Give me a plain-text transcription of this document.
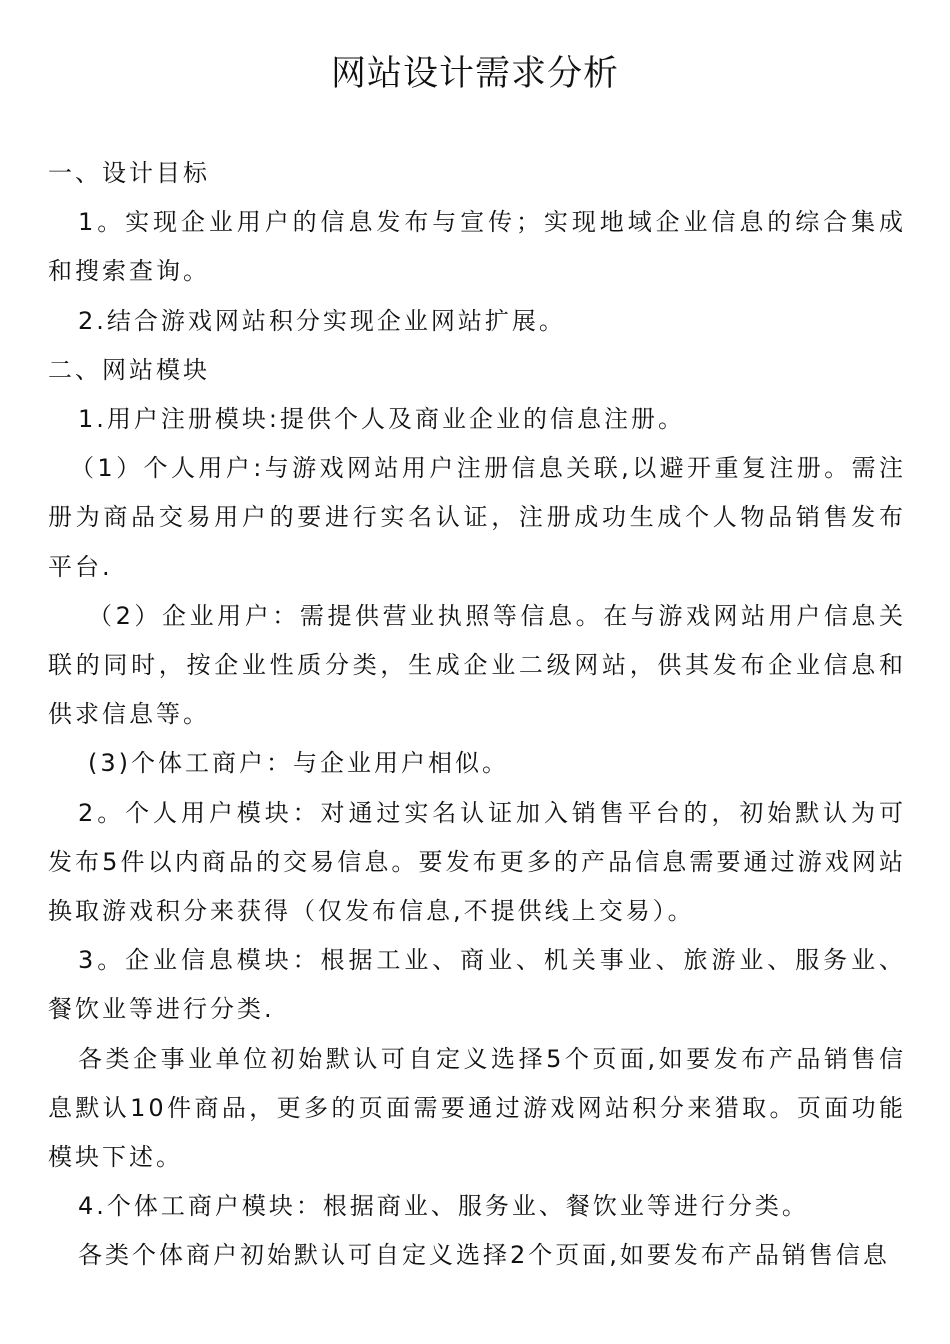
网站设计需求分析

一、设计目标

1。实现企业用户的信息发布与宣传；实现地域企业信息的综合集成和搜索查询。

2.结合游戏网站积分实现企业网站扩展。

二、网站模块

1.用户注册模块:提供个人及商业企业的信息注册。

（1）个人用户:与游戏网站用户注册信息关联,以避开重复注册。需注册为商品交易用户的要进行实名认证，注册成功生成个人物品销售发布平台.

（2）企业用户：需提供营业执照等信息。在与游戏网站用户信息关联的同时，按企业性质分类，生成企业二级网站，供其发布企业信息和供求信息等。

(3)个体工商户：与企业用户相似。

2。个人用户模块：对通过实名认证加入销售平台的，初始默认为可发布5件以内商品的交易信息。要发布更多的产品信息需要通过游戏网站换取游戏积分来获得（仅发布信息,不提供线上交易）。

3。企业信息模块：根据工业、商业、机关事业、旅游业、服务业、餐饮业等进行分类.

各类企事业单位初始默认可自定义选择5个页面,如要发布产品销售信息默认10件商品，更多的页面需要通过游戏网站积分来猎取。页面功能模块下述。

4.个体工商户模块：根据商业、服务业、餐饮业等进行分类。

各类个体商户初始默认可自定义选择2个页面,如要发布产品销售信息
